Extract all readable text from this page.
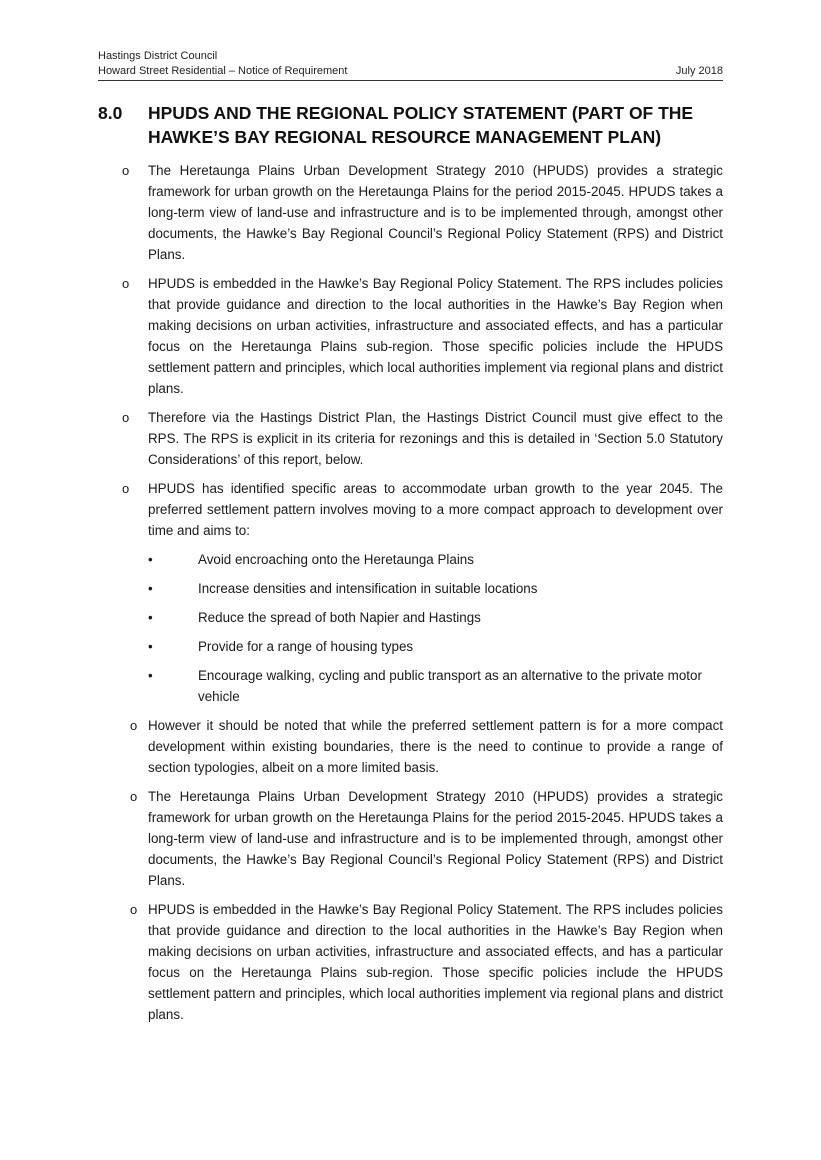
Hastings District Council
Howard Street Residential – Notice of Requirement	July 2018
8.0	HPUDS AND THE REGIONAL POLICY STATEMENT (PART OF THE HAWKE’S BAY REGIONAL RESOURCE MANAGEMENT PLAN)
o The Heretaunga Plains Urban Development Strategy 2010 (HPUDS) provides a strategic framework for urban growth on the Heretaunga Plains for the period 2015-2045. HPUDS takes a long-term view of land-use and infrastructure and is to be implemented through, amongst other documents, the Hawke’s Bay Regional Council’s Regional Policy Statement (RPS) and District Plans.

o HPUDS is embedded in the Hawke’s Bay Regional Policy Statement. The RPS includes policies that provide guidance and direction to the local authorities in the Hawke’s Bay Region when making decisions on urban activities, infrastructure and associated effects, and has a particular focus on the Heretaunga Plains sub-region. Those specific policies include the HPUDS settlement pattern and principles, which local authorities implement via regional plans and district plans.

o Therefore via the Hastings District Plan, the Hastings District Council must give effect to the RPS. The RPS is explicit in its criteria for rezonings and this is detailed in ‘Section 5.0 Statutory Considerations’ of this report, below.

o HPUDS has identified specific areas to accommodate urban growth to the year 2045. The preferred settlement pattern involves moving to a more compact approach to development over time and aims to:

•	Avoid encroaching onto the Heretaunga Plains

•	Increase densities and intensification in suitable locations

•	Reduce the spread of both Napier and Hastings

•	Provide for a range of housing types

•	Encourage walking, cycling and public transport as an alternative to the private motor vehicle

o However it should be noted that while the preferred settlement pattern is for a more compact development within existing boundaries, there is the need to continue to provide a range of section typologies, albeit on a more limited basis.

o The Heretaunga Plains Urban Development Strategy 2010 (HPUDS) provides a strategic framework for urban growth on the Heretaunga Plains for the period 2015-2045. HPUDS takes a long-term view of land-use and infrastructure and is to be implemented through, amongst other documents, the Hawke’s Bay Regional Council’s Regional Policy Statement (RPS) and District Plans.

o HPUDS is embedded in the Hawke’s Bay Regional Policy Statement. The RPS includes policies that provide guidance and direction to the local authorities in the Hawke’s Bay Region when making decisions on urban activities, infrastructure and associated effects, and has a particular focus on the Heretaunga Plains sub-region. Those specific policies include the HPUDS settlement pattern and principles, which local authorities implement via regional plans and district plans.
